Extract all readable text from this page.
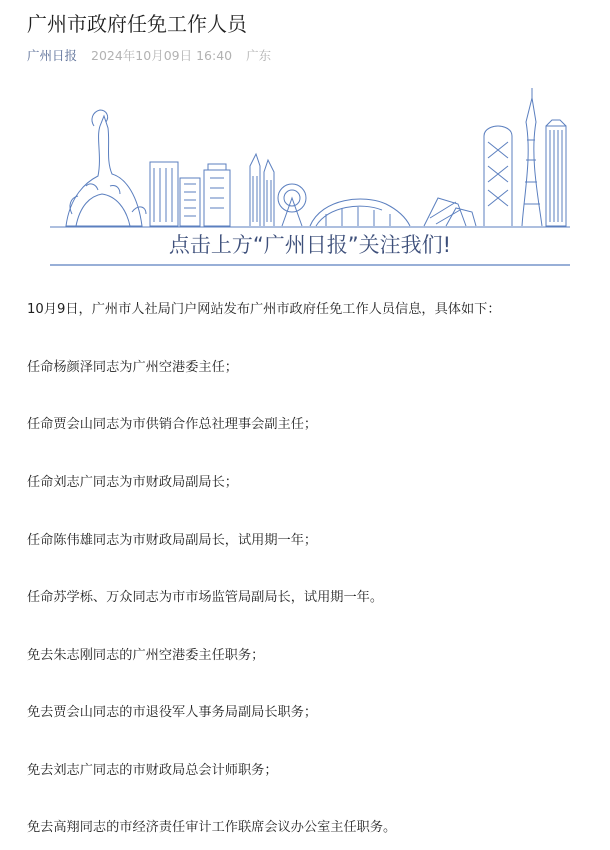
广州市政府任免工作人员
广州日报 2024年10月09日 16:40 广东
点击上方“广州日报”关注我们!

10月9日，广州市人社局门户网站发布广州市政府任免工作人员信息，具体如下：

任命杨颜泽同志为广州空港委主任；

任命贾会山同志为市供销合作总社理事会副主任；

任命刘志广同志为市财政局副局长；

任命陈伟雄同志为市财政局副局长，试用期一年；

任命苏学栎、万众同志为市市场监管局副局长，试用期一年。

免去朱志刚同志的广州空港委主任职务；

免去贾会山同志的市退役军人事务局副局长职务；

免去刘志广同志的市财政局总会计师职务；

免去高翔同志的市经济责任审计工作联席会议办公室主任职务。
